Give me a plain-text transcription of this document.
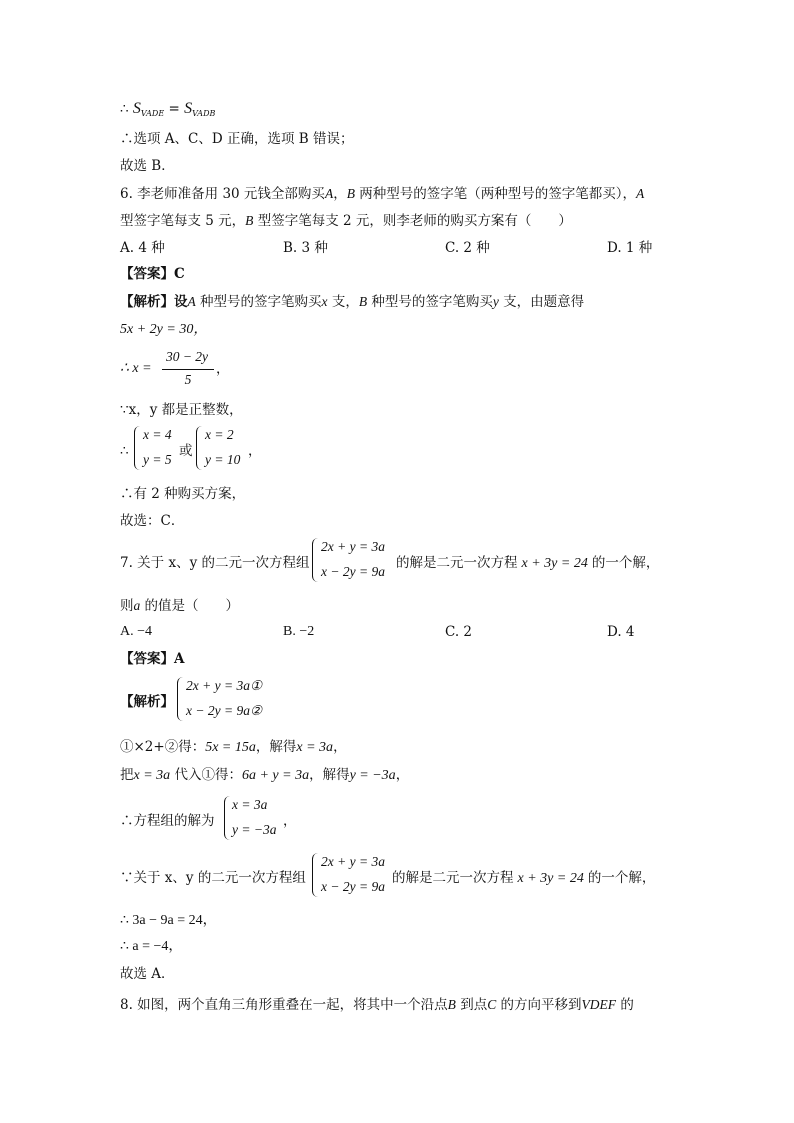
∴ $S_{VADE} = S_{VADB}$
∴选项 A、C、D 正确，选项 B 错误；
故选 B．
6. 李老师准备用 30 元钱全部购买A，B 两种型号的签字笔（两种型号的签字笔都买），A
型签字笔每支 5 元，B 型签字笔每支 2 元，则李老师的购买方案有（　　）
A. 4 种	B. 3 种	C. 2 种	D. 1 种
【答案】C
【解析】设A 种型号的签字笔购买x 支，B 种型号的签字笔购买y 支，由题意得
5x + 2y = 30，
∴ x =
30 − 2y
5
，
∵x，y 都是正整数，
∴
x = 4
y = 5
或
x = 2
y = 10
，
∴有 2 种购买方案，
故选：C．
7. 关于 x、y 的二元一次方程组
2x + y = 3a
x − 2y = 9a
的解是二元一次方程 x + 3y = 24 的一个解，
则a 的值是（　　）
A. −4	B. −2	C. 2	D. 4
【答案】A
【解析】
2x + y = 3a①
x − 2y = 9a②
①×2+②得：5x = 15a，解得x = 3a，
把x = 3a 代入①得：6a + y = 3a，解得y = −3a，
∴方程组的解为
x = 3a
y = −3a
，
∵关于 x、y 的二元一次方程组
2x + y = 3a
x − 2y = 9a
的解是二元一次方程 x + 3y = 24 的一个解，
∴ 3a − 9a = 24，
∴ a = −4，
故选 A．
8. 如图，两个直角三角形重叠在一起，将其中一个沿点B 到点C 的方向平移到VDEF 的
